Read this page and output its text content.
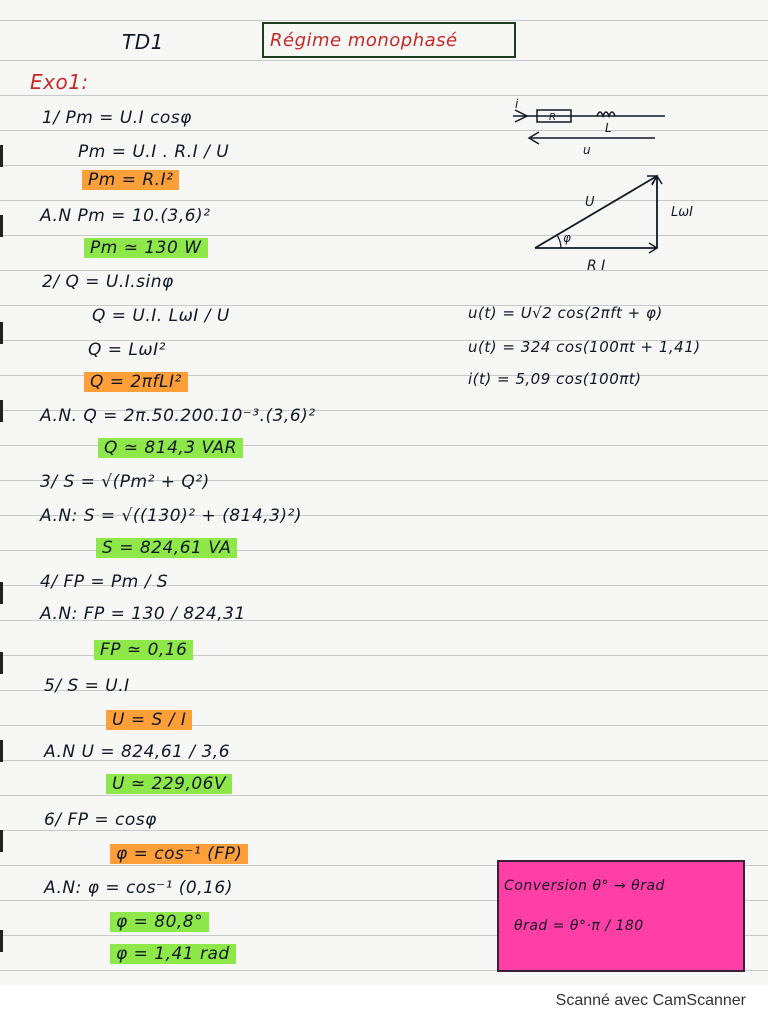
TD1	Régime monophasé
Exo1:
1/ Pm = U.I cosφ
Pm = U.I . R.I / U
Pm = R.I²
A.N Pm = 10.(3,6)²
Pm ≃ 130 W
2/ Q = U.I.sinφ
Q = U.I. LωI / U
Q = LωI²
Q = 2πfLI²
A.N. Q = 2π.50.200.10⁻³.(3,6)²
Q ≃ 814,3 VAR
3/ S = √(Pm² + Q²)
A.N: S = √((130)² + (814,3)²)
S = 824,61 VA
4/ FP = Pm / S
A.N: FP = 130 / 824,31
FP ≃ 0,16
5/ S = U.I
U = S / I
A.N U = 824,61 / 3,6
U ≃ 229,06V
6/ FP = cosφ
φ = cos⁻¹ (FP)
A.N: φ = cos⁻¹ (0,16)
φ = 80,8°
φ = 1,41 rad
u(t) = U√2 cos(2πft + φ)
u(t) = 324 cos(100πt + 1,41)
i(t) = 5,09 cos(100πt)
i
R
L
u
U
LωI
R I
φ
Conversion θ° → θrad
θrad = θ°·π / 180
Scanné avec CamScanner
